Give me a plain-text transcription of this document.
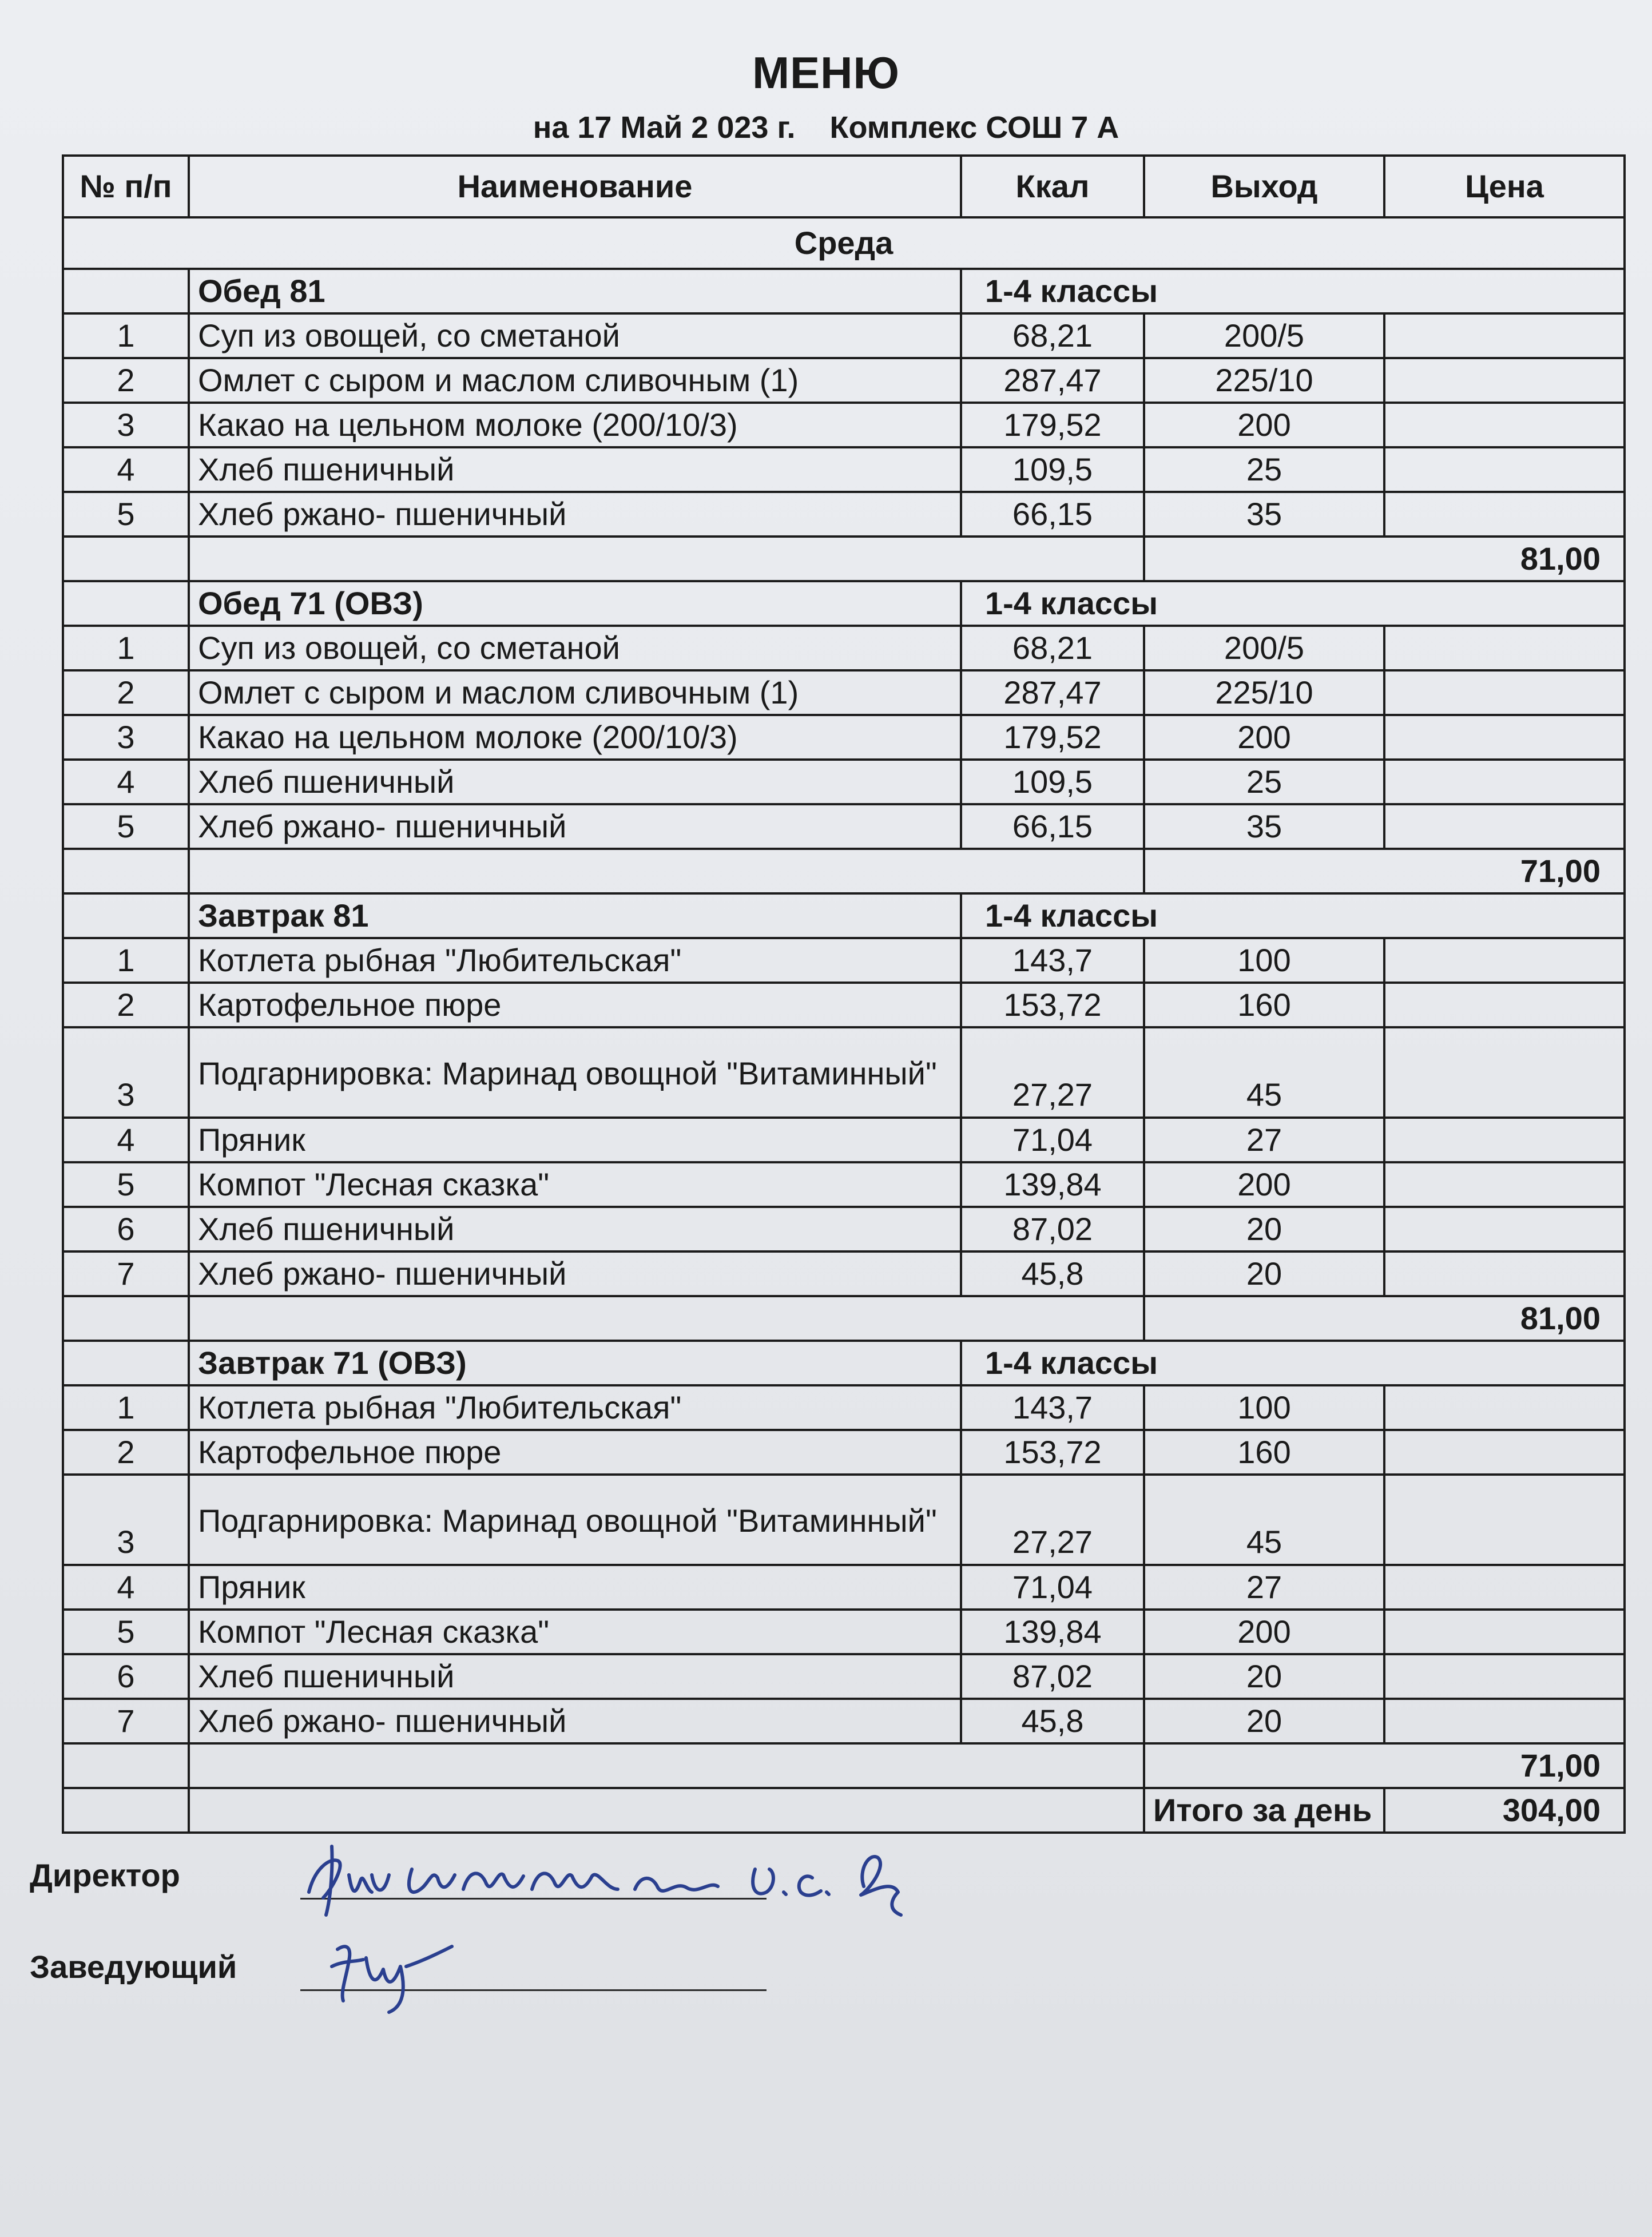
МЕНЮ
на 17 Май 2 023 г. Комплекс СОШ 7 А
№ п/п	Наименование	Ккал	Выход	Цена
Среда				
	Обед 81	1-4 классы		
1	Суп из овощей, со сметаной	68,21	200/5	
2	Омлет с сыром и маслом сливочным (1)	287,47	225/10	
3	Какао на цельном молоке (200/10/3)	179,52	200	
4	Хлеб пшеничный	109,5	25	
5	Хлеб ржано- пшеничный	66,15	35	
			81,00	
	Обед 71 (ОВЗ)	1-4 классы		
1	Суп из овощей, со сметаной	68,21	200/5	
2	Омлет с сыром и маслом сливочным (1)	287,47	225/10	
3	Какао на цельном молоке (200/10/3)	179,52	200	
4	Хлеб пшеничный	109,5	25	
5	Хлеб ржано- пшеничный	66,15	35	
			71,00	
	Завтрак 81	1-4 классы		
1	Котлета рыбная "Любительская"	143,7	100	
2	Картофельное пюре	153,72	160	
3	Подгарнировка: Маринад овощной "Витаминный"	27,27	45	
4	Пряник	71,04	27	
5	Компот "Лесная сказка"	139,84	200	
6	Хлеб пшеничный	87,02	20	
7	Хлеб ржано- пшеничный	45,8	20	
			81,00	
	Завтрак 71 (ОВЗ)	1-4 классы		
1	Котлета рыбная "Любительская"	143,7	100	
2	Картофельное пюре	153,72	160	
3	Подгарнировка: Маринад овощной "Витаминный"	27,27	45	
4	Пряник	71,04	27	
5	Компот "Лесная сказка"	139,84	200	
6	Хлеб пшеничный	87,02	20	
7	Хлеб ржано- пшеничный	45,8	20	
			71,00	
			Итого за день	304,00
Директор
Заведующий
